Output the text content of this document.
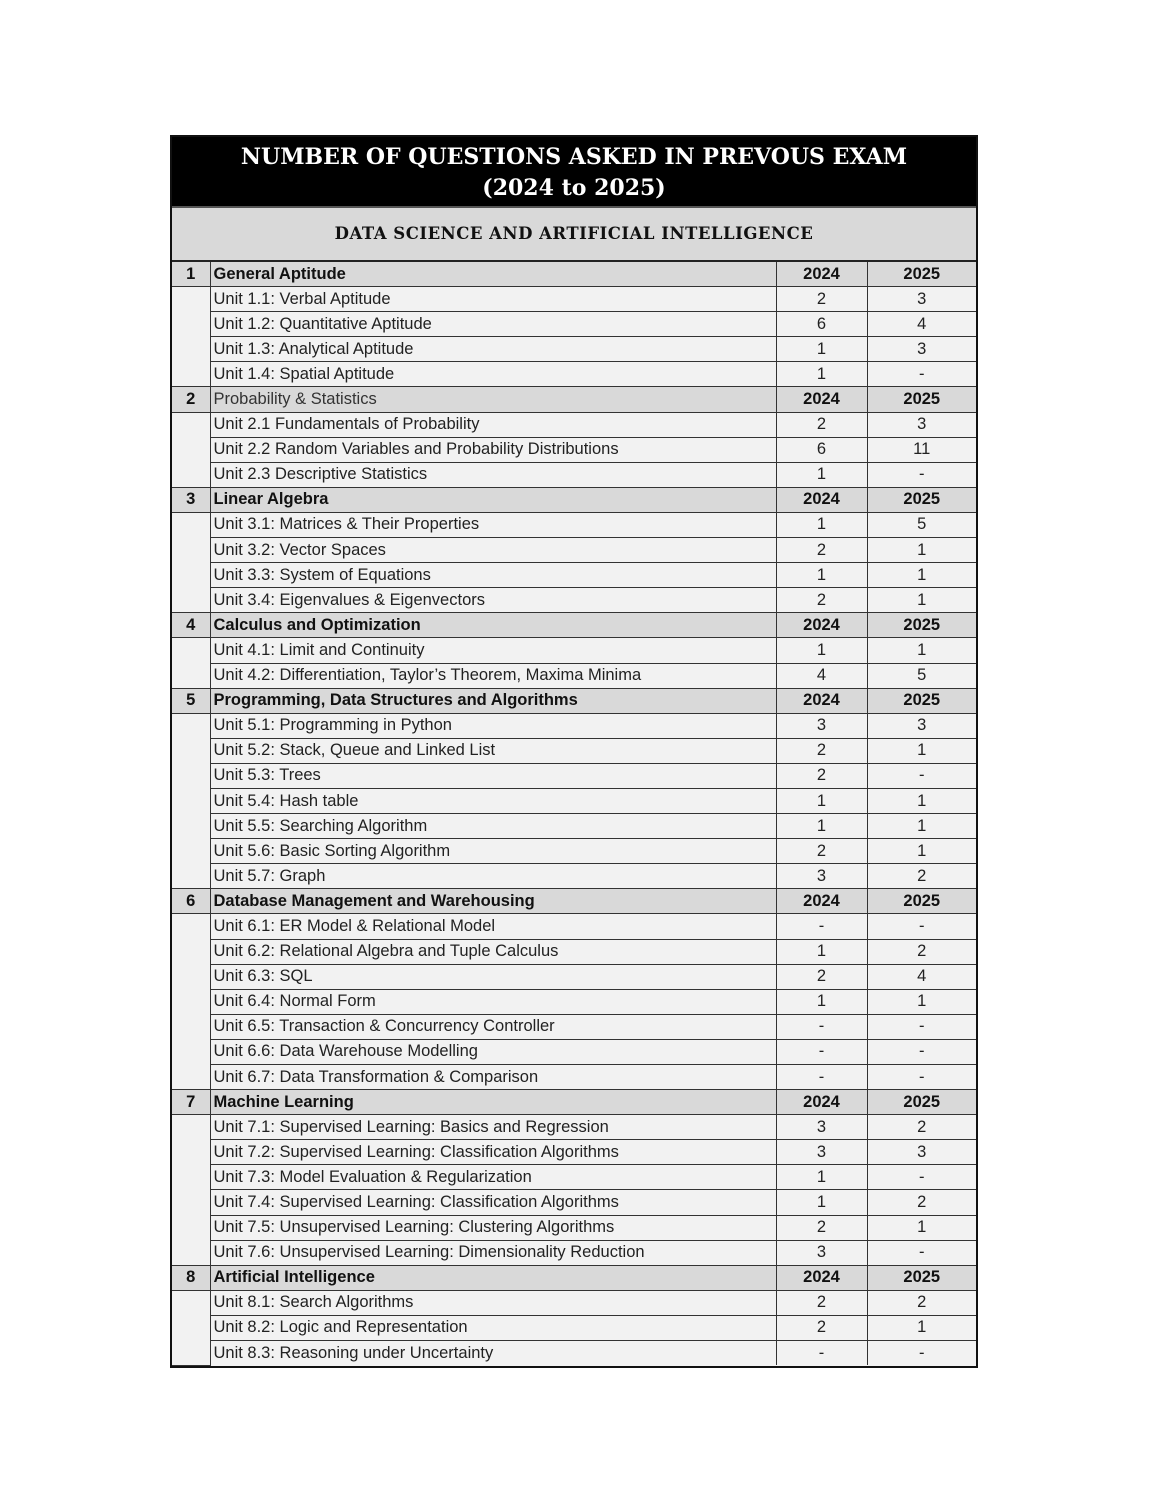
NUMBER OF QUESTIONS ASKED IN PREVOUS EXAM
(2024 to 2025)
DATA SCIENCE AND ARTIFICIAL INTELLIGENCE
1	General Aptitude	2024	2025
	Unit 1.1: Verbal Aptitude	2	3
	Unit 1.2: Quantitative Aptitude	6	4
	Unit 1.3: Analytical Aptitude	1	3
	Unit 1.4: Spatial Aptitude	1	-
2	Probability & Statistics	2024	2025
	Unit 2.1 Fundamentals of Probability	2	3
	Unit 2.2 Random Variables and Probability Distributions	6	11
	Unit 2.3 Descriptive Statistics	1	-
3	Linear Algebra	2024	2025
	Unit 3.1: Matrices & Their Properties	1	5
	Unit 3.2: Vector Spaces	2	1
	Unit 3.3: System of Equations	1	1
	Unit 3.4: Eigenvalues & Eigenvectors	2	1
4	Calculus and Optimization	2024	2025
	Unit 4.1: Limit and Continuity	1	1
	Unit 4.2: Differentiation, Taylor’s Theorem, Maxima Minima	4	5
5	Programming, Data Structures and Algorithms	2024	2025
	Unit 5.1: Programming in Python	3	3
	Unit 5.2: Stack, Queue and Linked List	2	1
	Unit 5.3: Trees	2	-
	Unit 5.4: Hash table	1	1
	Unit 5.5: Searching Algorithm	1	1
	Unit 5.6: Basic Sorting Algorithm	2	1
	Unit 5.7: Graph	3	2
6	Database Management and Warehousing	2024	2025
	Unit 6.1: ER Model & Relational Model	-	-
	Unit 6.2: Relational Algebra and Tuple Calculus	1	2
	Unit 6.3: SQL	2	4
	Unit 6.4: Normal Form	1	1
	Unit 6.5: Transaction & Concurrency Controller	-	-
	Unit 6.6: Data Warehouse Modelling	-	-
	Unit 6.7: Data Transformation & Comparison	-	-
7	Machine Learning	2024	2025
	Unit 7.1: Supervised Learning: Basics and Regression	3	2
	Unit 7.2: Supervised Learning: Classification Algorithms	3	3
	Unit 7.3: Model Evaluation & Regularization	1	-
	Unit 7.4: Supervised Learning: Classification Algorithms	1	2
	Unit 7.5: Unsupervised Learning: Clustering Algorithms	2	1
	Unit 7.6: Unsupervised Learning: Dimensionality Reduction	3	-
8	Artificial Intelligence	2024	2025
	Unit 8.1: Search Algorithms	2	2
	Unit 8.2: Logic and Representation	2	1
	Unit 8.3: Reasoning under Uncertainty	-	-
